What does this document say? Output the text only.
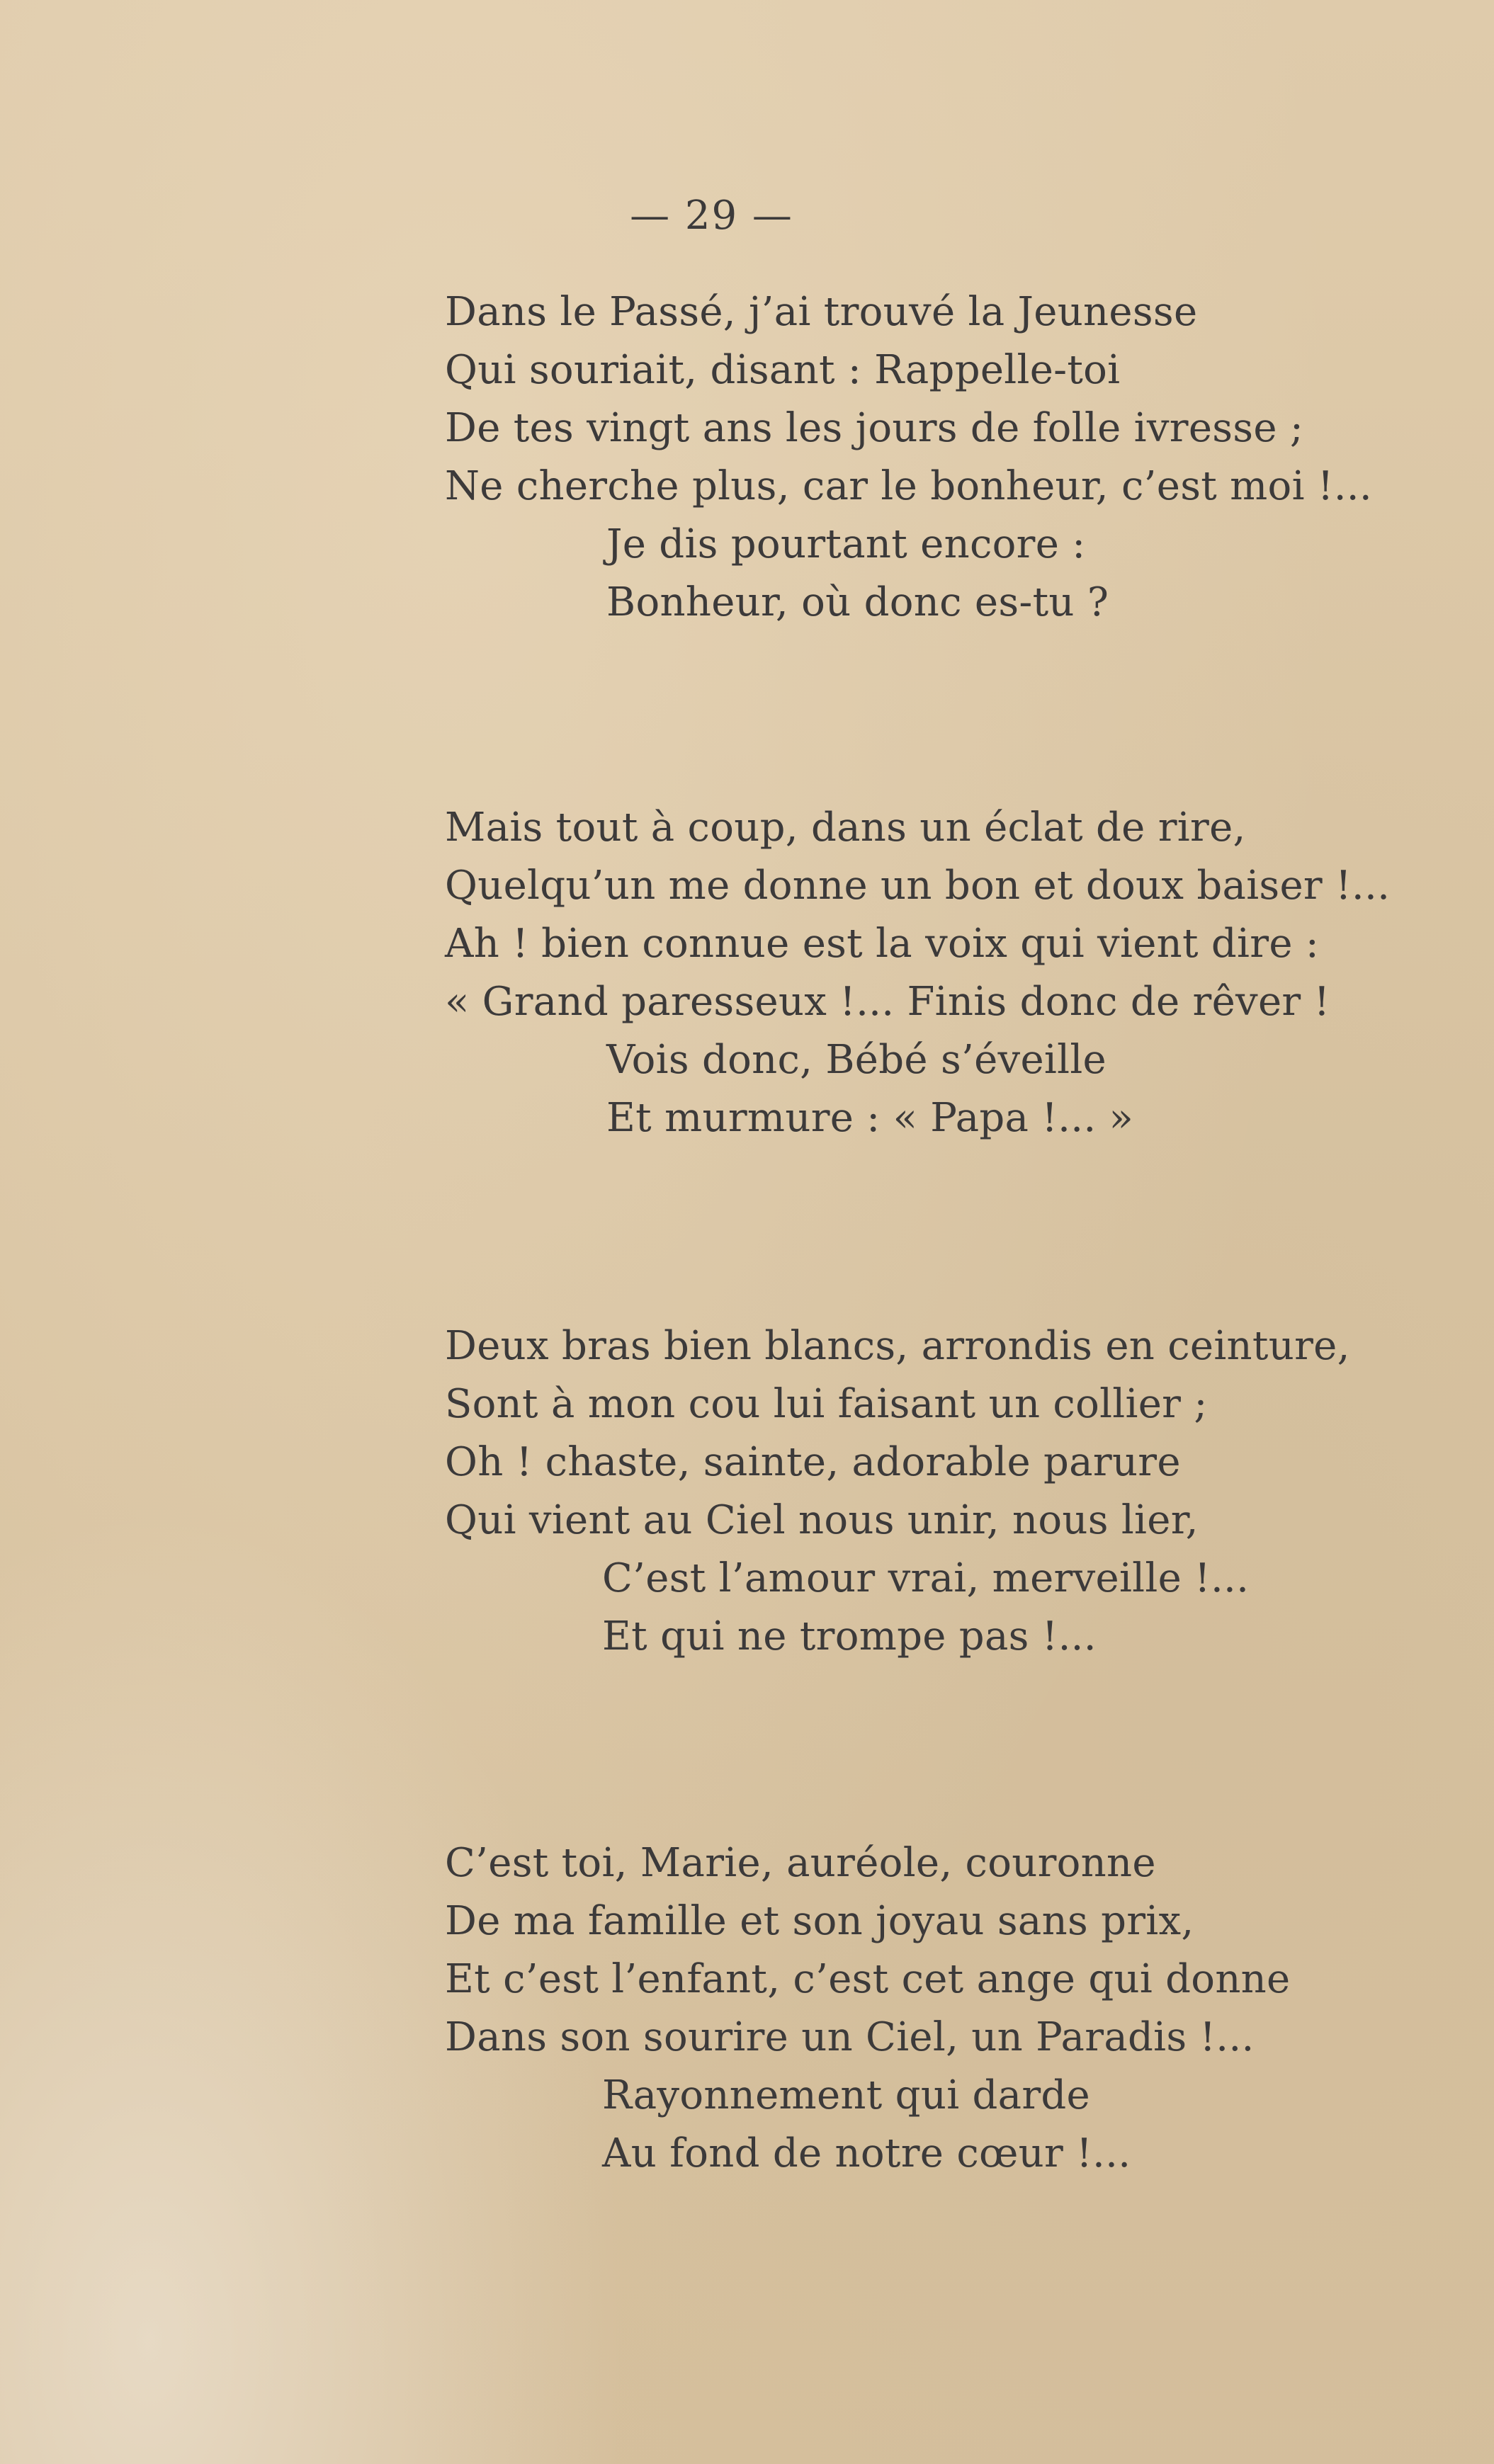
— 29 —
Dans le Passé, j’ai trouvé la Jeunesse
Qui souriait, disant : Rappelle-toi
De tes vingt ans les jours de folle ivresse ;
Ne cherche plus, car le bonheur, c’est moi !...
Je dis pourtant encore :
Bonheur, où donc es-tu ?
Mais tout à coup, dans un éclat de rire,
Quelqu’un me donne un bon et doux baiser !...
Ah ! bien connue est la voix qui vient dire :
« Grand paresseux !... Finis donc de rêver !
Vois donc, Bébé s’éveille
Et murmure : « Papa !... »
Deux bras bien blancs, arrondis en ceinture,
Sont à mon cou lui faisant un collier ;
Oh ! chaste, sainte, adorable parure
Qui vient au Ciel nous unir, nous lier,
C’est l’amour vrai, merveille !...
Et qui ne trompe pas !...
C’est toi, Marie, auréole, couronne
De ma famille et son joyau sans prix,
Et c’est l’enfant, c’est cet ange qui donne
Dans son sourire un Ciel, un Paradis !...
Rayonnement qui darde
Au fond de notre cœur !...
